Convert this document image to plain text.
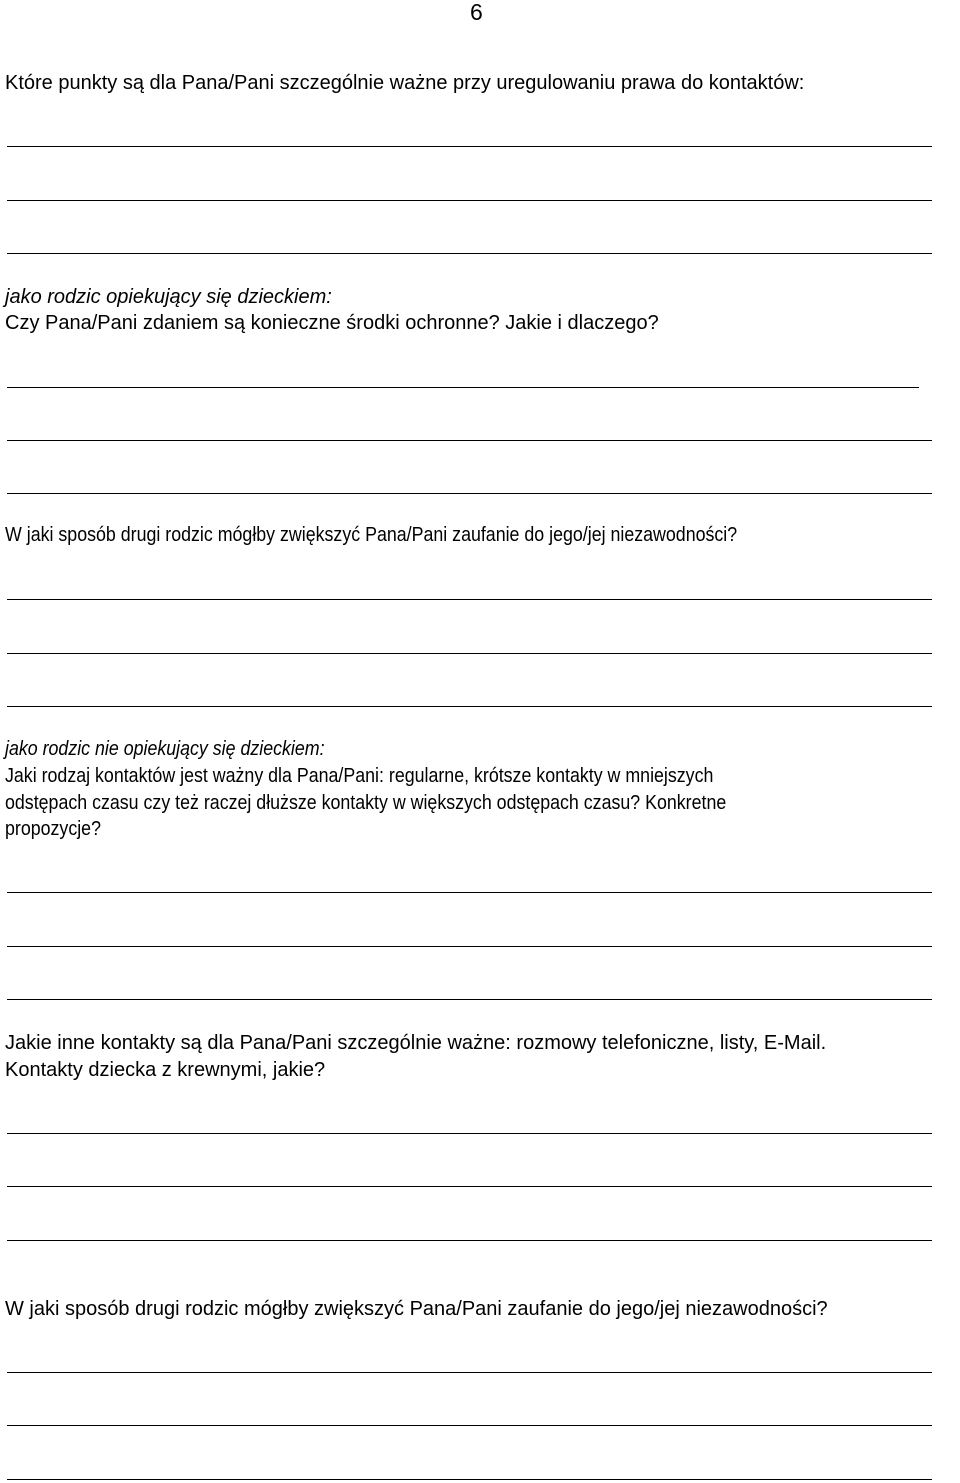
6
Które punkty są dla Pana/Pani szczególnie ważne przy uregulowaniu prawa do kontaktów:
jako rodzic opiekujący się dzieckiem:
Czy Pana/Pani zdaniem są konieczne środki ochronne? Jakie i dlaczego?
W jaki sposób drugi rodzic mógłby zwiększyć Pana/Pani zaufanie do jego/jej niezawodności?
jako rodzic nie opiekujący się dzieckiem:
Jaki rodzaj kontaktów jest ważny dla Pana/Pani: regularne, krótsze kontakty w mniejszych
odstępach czasu czy też raczej dłuższe kontakty w większych odstępach czasu? Konkretne
propozycje?
Jakie inne kontakty są dla Pana/Pani szczególnie ważne: rozmowy telefoniczne, listy, E-Mail.
Kontakty dziecka z krewnymi, jakie?
W jaki sposób drugi rodzic mógłby zwiększyć Pana/Pani zaufanie do jego/jej niezawodności?
